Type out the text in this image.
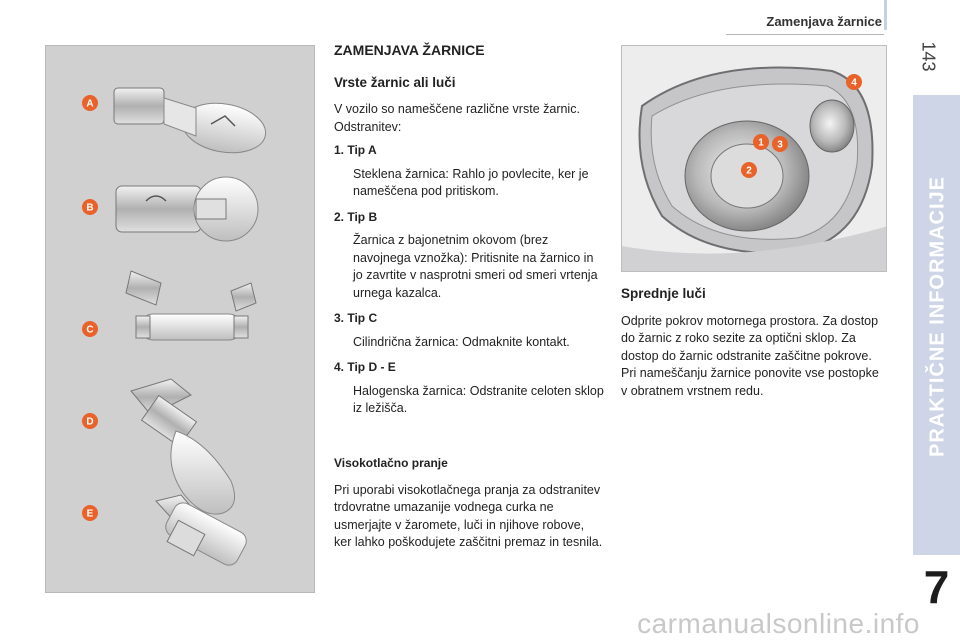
Zamenjava žarnice
143
PRAKTIČNE INFORMACIJE
7
A
B
C
D
E
ZAMENJAVA ŽARNICE
Vrste žarnic ali luči
V vozilo so nameščene različne vrste žarnic. Odstranitev:
1. Tip A
Steklena žarnica: Rahlo jo povlecite, ker je nameščena pod pritiskom.
2. Tip B
Žarnica z bajonetnim okovom (brez navojnega vznožka): Pritisnite na žarnico in jo zavrtite v nasprotni smeri od smeri vrtenja urnega kazalca.
3. Tip C
Cilindrična žarnica: Odmaknite kontakt.
4. Tip D - E
Halogenska žarnica: Odstranite celoten sklop iz ležišča.
Visokotlačno pranje
Pri uporabi visokotlačnega pranja za odstranitev trdovratne umazanije vodnega curka ne usmerjajte v žaromete, luči in njihove robove, ker lahko poškodujete zaščitni premaz in tesnila.
1
2
3
4
Sprednje luči
Odprite pokrov motornega prostora. Za dostop do žarnic z roko sezite za optični sklop. Za dostop do žarnic odstranite zaščitne pokrove. Pri nameščanju žarnice ponovite vse postopke v obratnem vrstnem redu.
carmanualsonline.info
